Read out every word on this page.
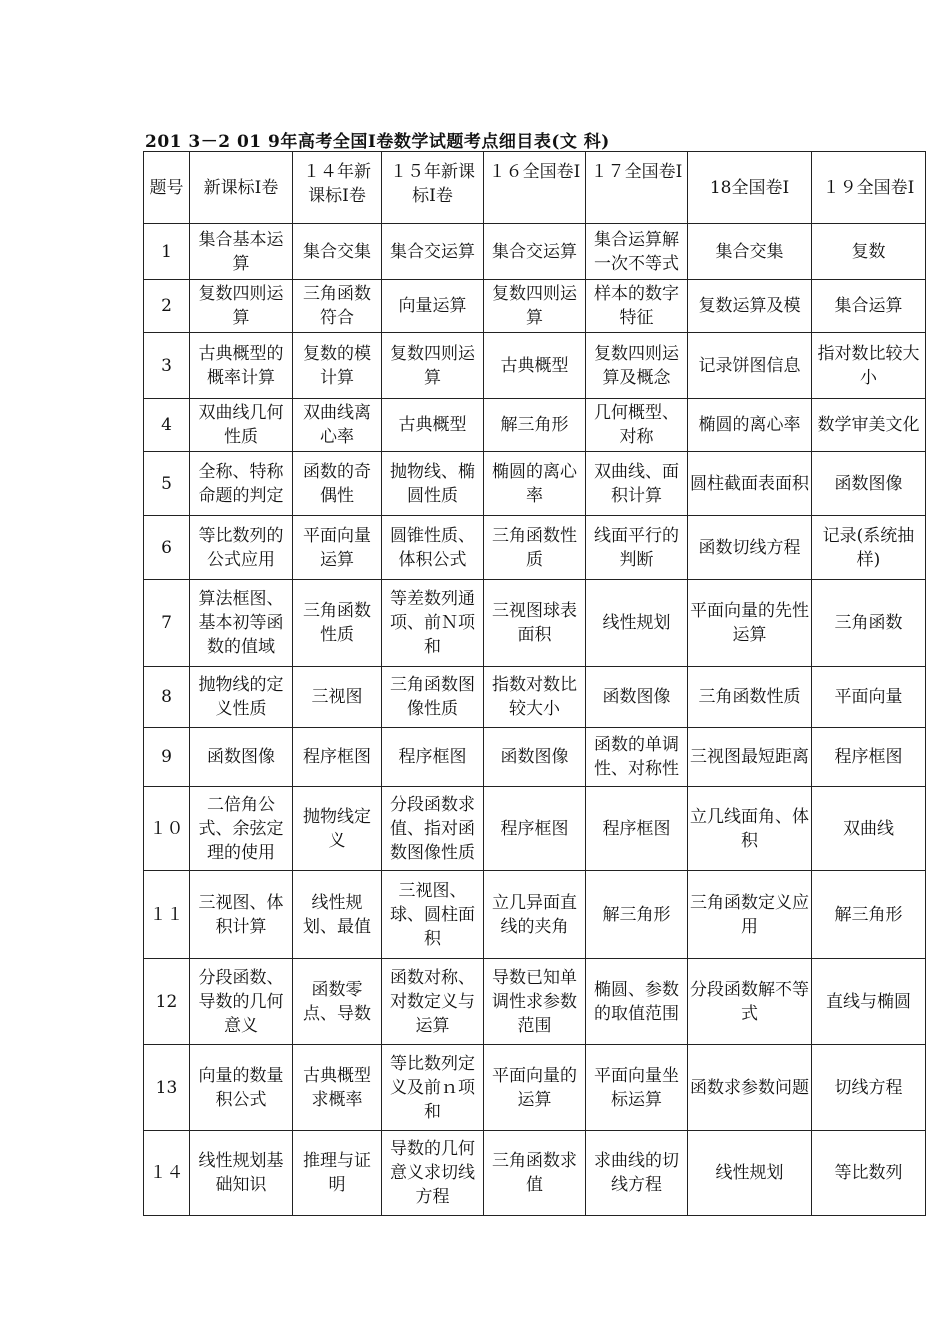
201 3－2 01 9年高考全国Ⅰ卷数学试题考点细目表(文 科)
题号	新课标Ⅰ卷	１４年新课标Ⅰ卷	１５年新课标Ⅰ卷	１６全国卷Ⅰ	１７全国卷Ⅰ	18全国卷Ⅰ	１９全国卷Ⅰ
1	集合基本运算	集合交集	集合交运算	集合交运算	集合运算解一次不等式	集合交集	复数
2	复数四则运算	三角函数符合	向量运算	复数四则运算	样本的数字特征	复数运算及模	集合运算
3	古典概型的概率计算	复数的模计算	复数四则运算	古典概型	复数四则运算及概念	记录饼图信息	指对数比较大小
4	双曲线几何性质	双曲线离心率	古典概型	解三角形	几何概型、对称	椭圆的离心率	数学审美文化
5	全称、特称命题的判定	函数的奇偶性	抛物线、椭圆性质	椭圆的离心率	双曲线、面积计算	圆柱截面表面积	函数图像
6	等比数列的公式应用	平面向量运算	圆锥性质、体积公式	三角函数性质	线面平行的判断	函数切线方程	记录(系统抽样)
7	算法框图、基本初等函数的值域	三角函数性质	等差数列通项、前Ｎ项和	三视图球表面积	线性规划	平面向量的先性运算	三角函数
8	抛物线的定义性质	三视图	三角函数图像性质	指数对数比较大小	函数图像	三角函数性质	平面向量
9	函数图像	程序框图	程序框图	函数图像	函数的单调性、对称性	三视图最短距离	程序框图
１０	二倍角公式、余弦定理的使用	抛物线定义	分段函数求值、指对函数图像性质	程序框图	程序框图	立几线面角、体积	双曲线
１１	三视图、体积计算	线性规划、最值	三视图、球、圆柱面积	立几异面直线的夹角	解三角形	三角函数定义应用	解三角形
12	分段函数、导数的几何意义	函数零点、导数	函数对称、对数定义与运算	导数已知单调性求参数范围	椭圆、参数的取值范围	分段函数解不等式	直线与椭圆
13	向量的数量积公式	古典概型求概率	等比数列定义及前ｎ项和	平面向量的运算	平面向量坐标运算	函数求参数问题	切线方程
１４	线性规划基础知识	推理与证明	导数的几何意义求切线方程	三角函数求值	求曲线的切线方程	线性规划	等比数列
